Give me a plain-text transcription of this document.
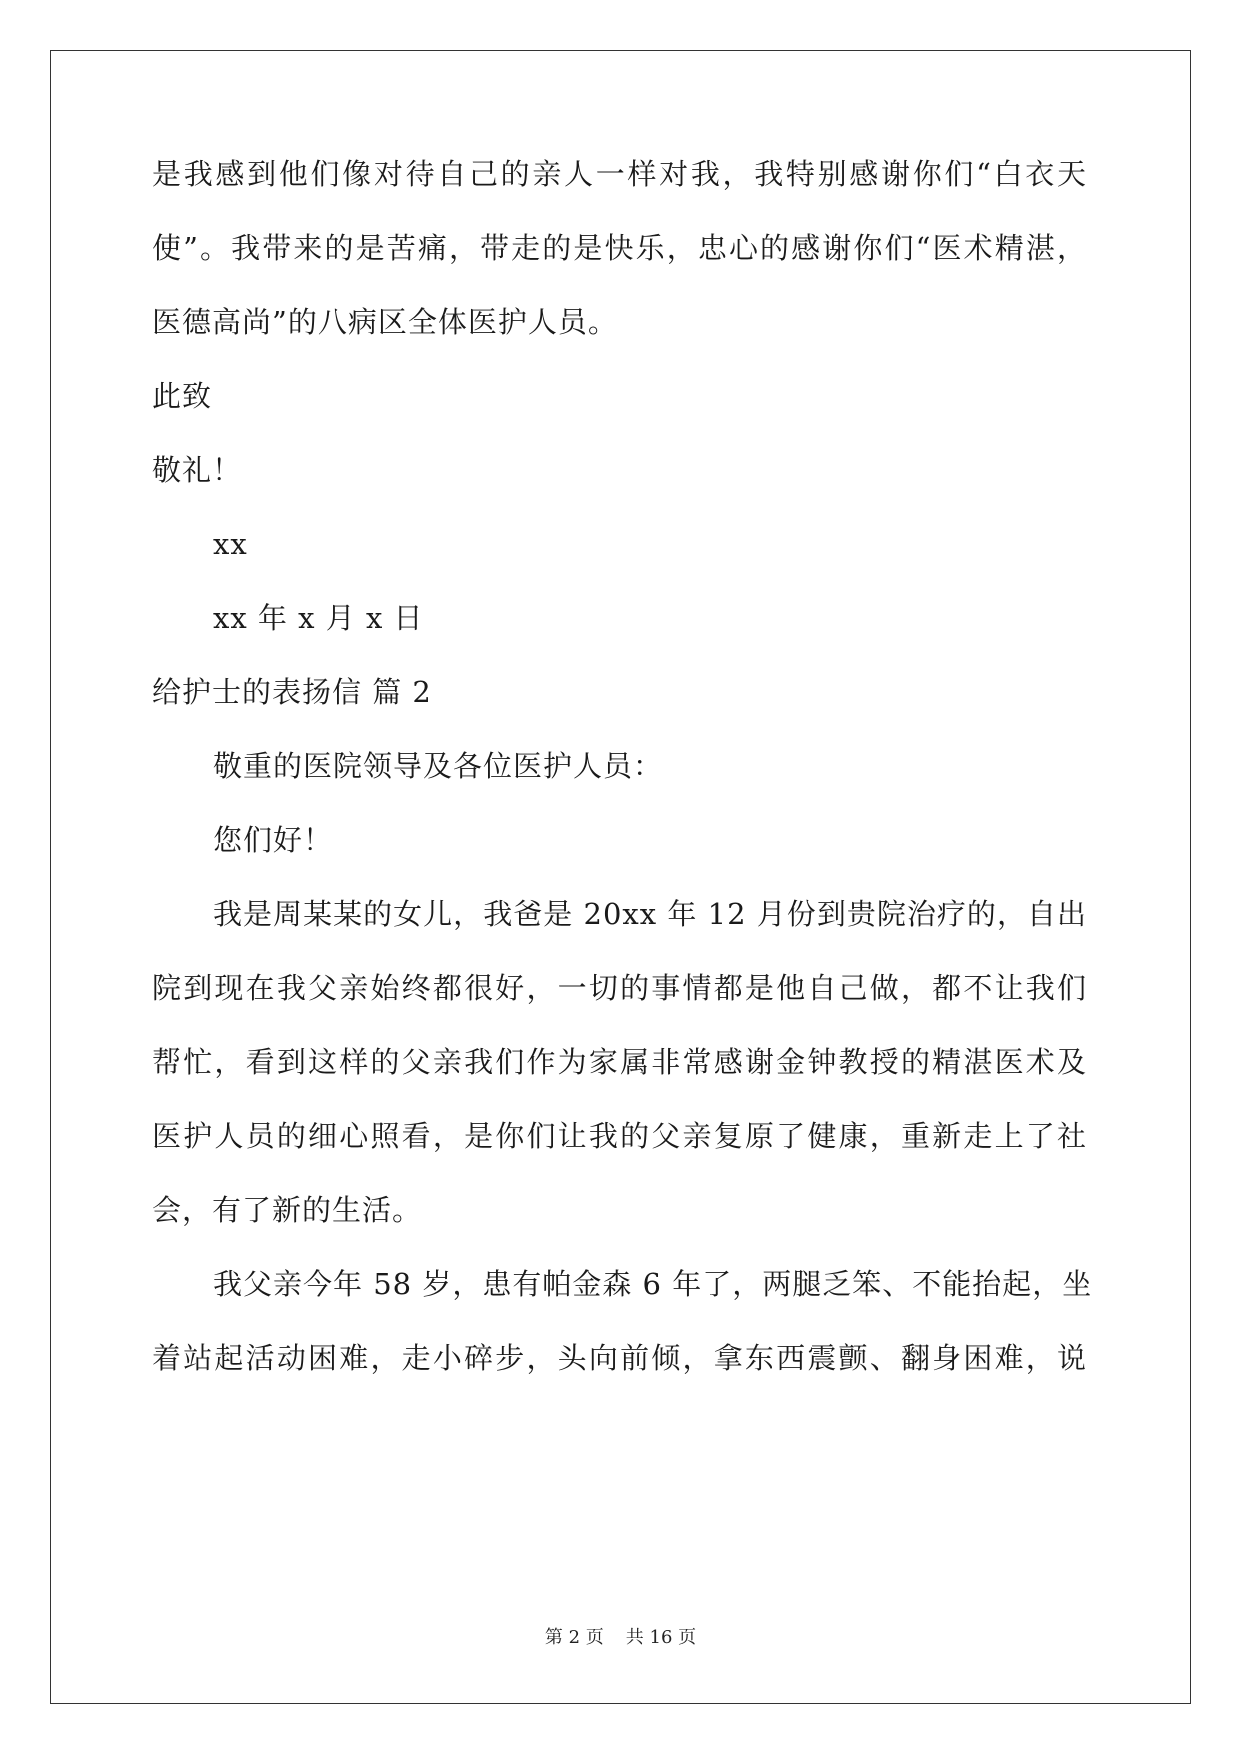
是我感到他们像对待自己的亲人一样对我，我特别感谢你们“白衣天
使”。我带来的是苦痛，带走的是快乐，忠心的感谢你们“医术精湛，
医德高尚”的八病区全体医护人员。
此致
敬礼！
xx
xx 年 x 月 x 日
给护士的表扬信 篇 2
敬重的医院领导及各位医护人员：
您们好！
我是周某某的女儿，我爸是 20xx 年 12 月份到贵院治疗的，自出
院到现在我父亲始终都很好，一切的事情都是他自己做，都不让我们
帮忙，看到这样的父亲我们作为家属非常感谢金钟教授的精湛医术及
医护人员的细心照看，是你们让我的父亲复原了健康，重新走上了社
会，有了新的生活。
我父亲今年 58 岁，患有帕金森 6 年了，两腿乏笨、不能抬起，坐
着站起活动困难，走小碎步，头向前倾，拿东西震颤、翻身困难，说
第 2 页 共 16 页
